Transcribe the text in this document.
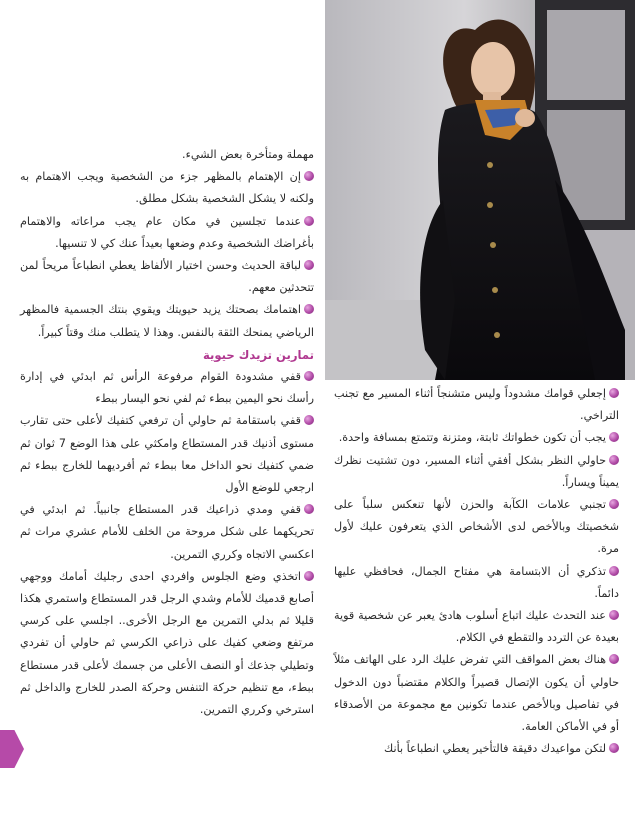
مهملة ومتأخرة بعض الشيء.

إن الإهتمام بالمظهر جزء من الشخصية ويجب الاهتمام به ولكنه لا يشكل الشخصية بشكل مطلق.

عندما تجلسين في مكان عام يجب مراعاته والاهتمام بأغراضك الشخصية وعدم وضعها بعيداً عنك كي لا تنسيها.

لباقة الحديث وحسن اختيار الألفاظ يعطي انطباعاً مريحاً لمن تتحدثين معهم.

اهتمامك بصحتك يزيد حيويتك ويقوي بنتك الجسمية فالمظهر الرياضي يمنحك الثقة بالنفس. وهذا لا يتطلب منك وقتاً كبيراً.

تمارين تزيدك حيوية

قفي مشدودة القوام مرفوعة الرأس ثم ابدئي في إدارة رأسك نحو اليمين ببطء ثم لفي نحو اليسار ببطء

قفي باستقامة ثم حاولي أن ترفعي كتفيك لأعلى حتى تقارب مستوى أذنيك قدر المستطاع وامكثي على هذا الوضع 7 ثوان ثم ضمي كتفيك نحو الداخل معا ببطء ثم أفرديهما للخارج ببطء ثم ارجعي للوضع الأول

قفي ومدي ذراعيك قدر المستطاع جانبياً. ثم ابدئي في تحريكهما على شكل مروحة من الخلف للأمام عشري مرات ثم اعكسي الاتجاه وكرري التمرين.

اتخذي وضع الجلوس وافردي احدى رجليك أمامك ووجهي أصابع قدميك للأمام وشدي الرجل قدر المستطاع واستمري هكذا قليلا ثم بدلي التمرين مع الرجل الأخرى.. اجلسي على كرسي مرتفع وضعي كفيك على ذراعي الكرسي ثم حاولي أن تفردي وتطيلي جذعك أو النصف الأعلى من جسمك لأعلى قدر مستطاع ببطء، مع تنظيم حركة التنفس وحركة الصدر للخارج والداخل ثم استرخي وكرري التمرين.

إجعلي قوامك مشدوداً وليس متشنجاً أثناء المسير مع تجنب التراخي.

يجب أن تكون خطواتك ثابتة، ومتزنة وتتمتع بمسافة واحدة.

حاولي النظر بشكل أفقي أثناء المسير، دون تشتيت نظرك يميناً ويساراً.

تجنبي علامات الكآبة والحزن لأنها تنعكس سلباً على شخصيتك وبالأخص لدى الأشخاص الذي يتعرفون عليك لأول مرة.

تذكري أن الابتسامة هي مفتاح الجمال، فحافظي عليها دائماً.

عند التحدث عليك اتباع أسلوب هادئ يعبر عن شخصية قوية بعيدة عن التردد والتقطع في الكلام.

هناك بعض المواقف التي تفرض عليك الرد على الهاتف مثلاً حاولي أن يكون الإتصال قصيراً والكلام مقتضباً دون الدخول في تفاصيل وبالأخص عندما تكونين مع مجموعة من الأصدقاء أو في الأماكن العامة.

لتكن مواعيدك دقيقة فالتأخير يعطي انطباعاً بأنك
